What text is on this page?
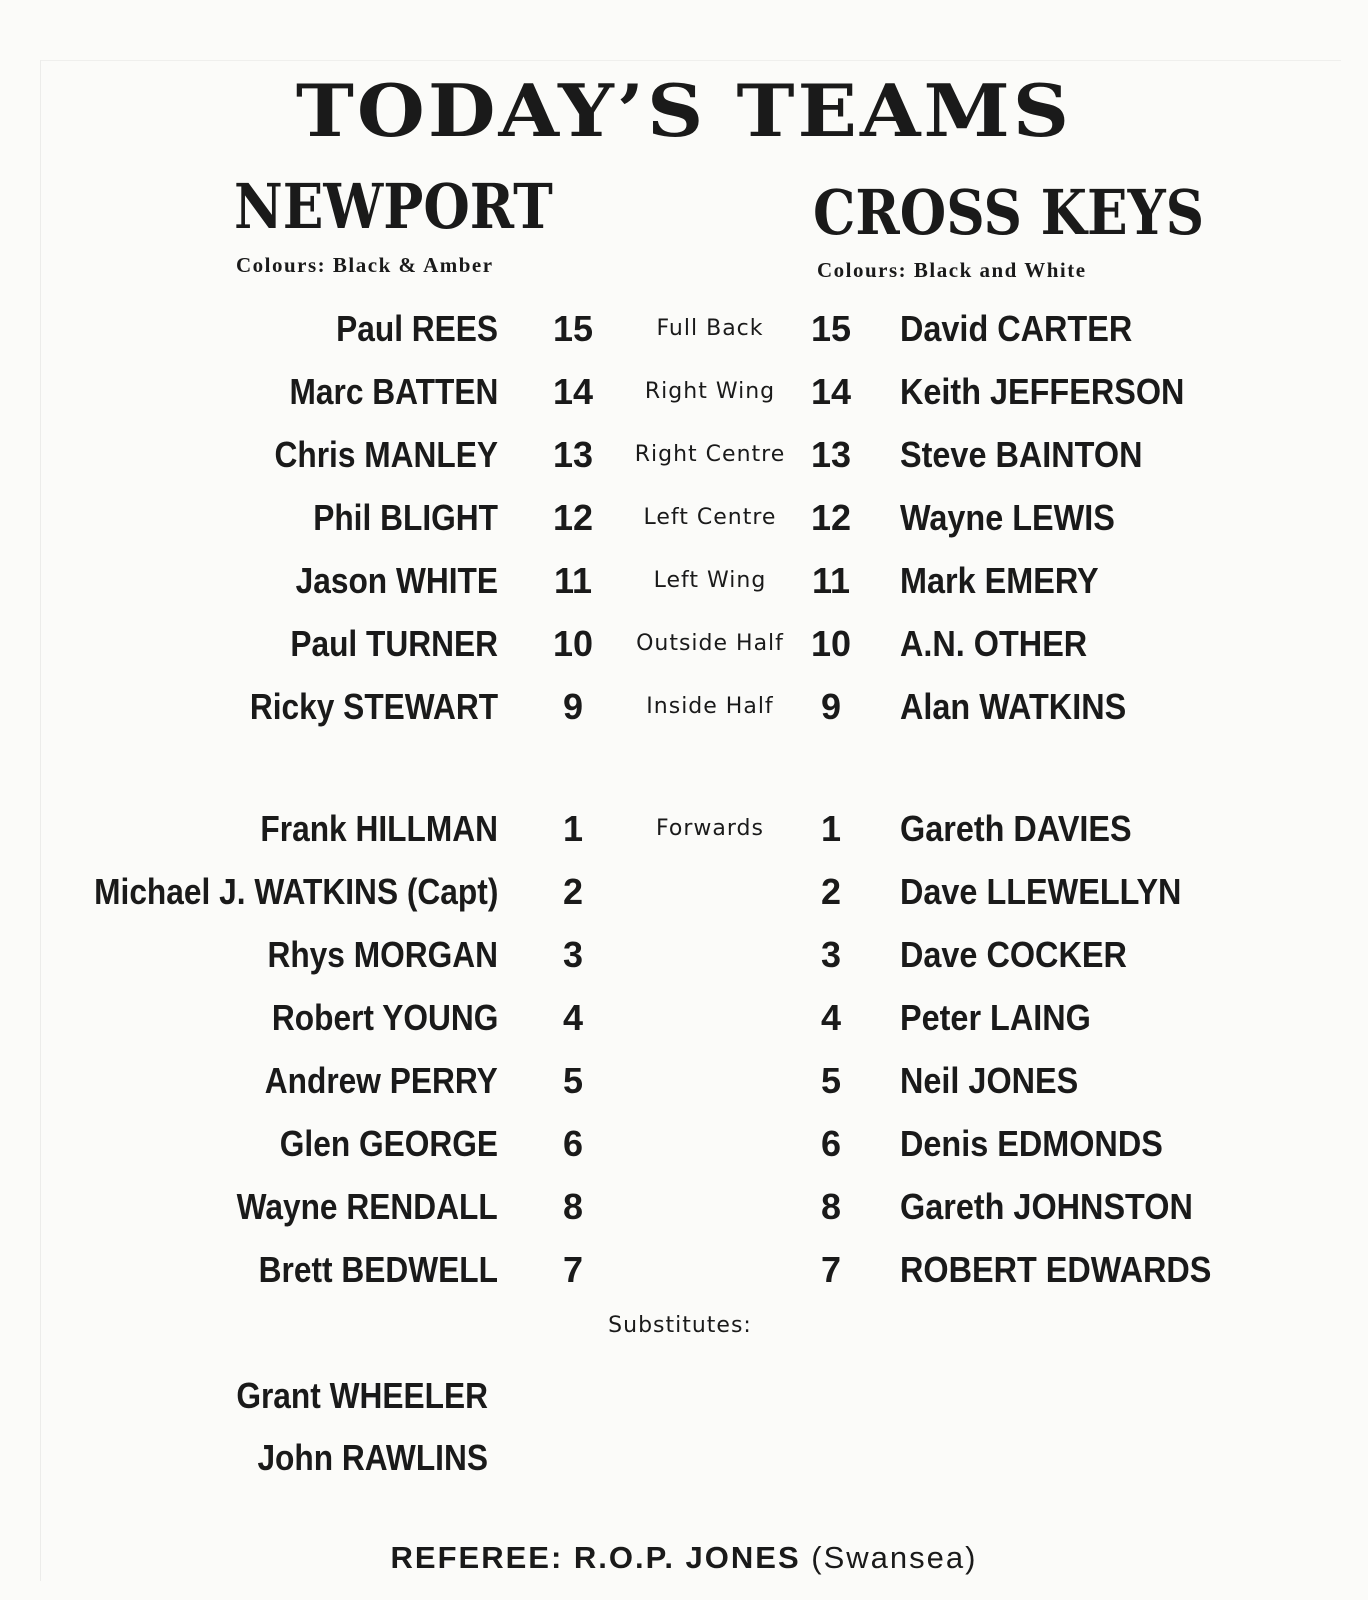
TODAY’S TEAMS
NEWPORT
Colours: Black & Amber
CROSS KEYS
Colours: Black and White
Paul REES	15	Full Back	15	David CARTER
Marc BATTEN	14	Right Wing 14	Keith JEFFERSON
Chris MANLEY	13	Right Centre 13	Steve BAINTON
Phil BLIGHT	12	Left Centre 12	Wayne LEWIS
Jason WHITE	11	Left Wing	11	Mark EMERY
Paul TURNER	10	Outside Half 10	A.N. OTHER
Ricky STEWART	9	Inside Half	9	Alan WATKINS
Frank HILLMAN	1	Forwards	1	Gareth DAVIES
Michael J. WATKINS (Capt)	2	2	Dave LLEWELLYN
Rhys MORGAN	3	3	Dave COCKER
Robert YOUNG	4	4	Peter LAING
Andrew PERRY	5	5	Neil JONES
Glen GEORGE	6	6	Denis EDMONDS
Wayne RENDALL	8	8	Gareth JOHNSTON
Brett BEDWELL	7	7	ROBERT EDWARDS
Substitutes:
Grant WHEELER
John RAWLINS
REFEREE: R.O.P. JONES (Swansea)
